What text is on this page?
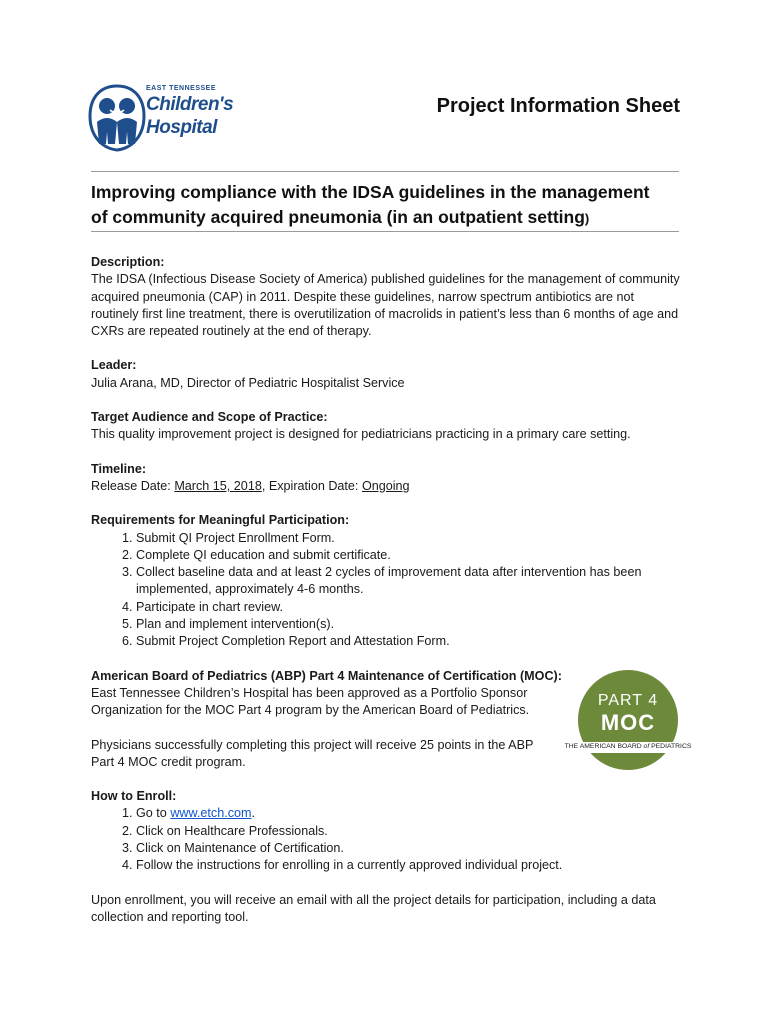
EAST TENNESSEE
Children's
Hospital
Project Information Sheet
Improving compliance with the IDSA guidelines in the management
of community acquired pneumonia (in an outpatient setting)
Description:
The IDSA (Infectious Disease Society of America) published guidelines for the management of community acquired pneumonia (CAP) in 2011. Despite these guidelines, narrow spectrum antibiotics are not routinely first line treatment, there is overutilization of macrolids in patient’s less than 6 months of age and CXRs are repeated routinely at the end of therapy.
Leader:
Julia Arana, MD, Director of Pediatric Hospitalist Service
Target Audience and Scope of Practice:
This quality improvement project is designed for pediatricians practicing in a primary care setting.
Timeline:
Release Date: March 15, 2018, Expiration Date: Ongoing
Requirements for Meaningful Participation:
1. Submit QI Project Enrollment Form.
2. Complete QI education and submit certificate.
3. Collect baseline data and at least 2 cycles of improvement data after intervention has been implemented, approximately 4-6 months.
4. Participate in chart review.
5. Plan and implement intervention(s).
6. Submit Project Completion Report and Attestation Form.
American Board of Pediatrics (ABP) Part 4 Maintenance of Certification (MOC):
East Tennessee Children’s Hospital has been approved as a Portfolio Sponsor Organization for the MOC Part 4 program by the American Board of Pediatrics.
Physicians successfully completing this project will receive 25 points in the ABP Part 4 MOC credit program.
How to Enroll:
1. Go to www.etch.com.
2. Click on Healthcare Professionals.
3. Click on Maintenance of Certification.
4. Follow the instructions for enrolling in a currently approved individual project.
Upon enrollment, you will receive an email with all the project details for participation, including a data collection and reporting tool.
PART 4
MOC
THE AMERICAN BOARD of PEDIATRICS
